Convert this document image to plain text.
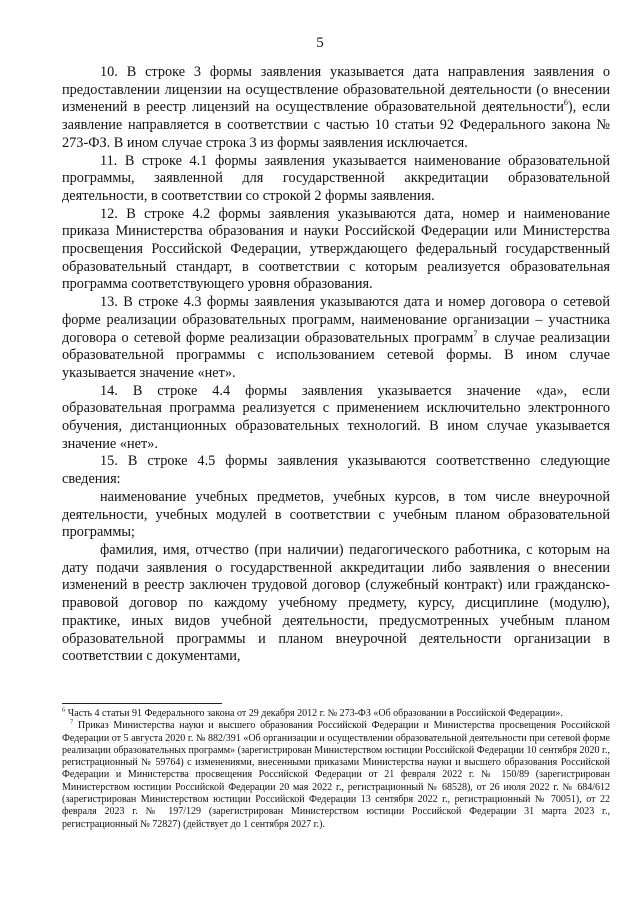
5

10. В строке 3 формы заявления указывается дата направления заявления о предоставлении лицензии на осуществление образовательной деятельности (о внесении изменений в реестр лицензий на осуществление образовательной деятельности$^6$), если заявление направляется в соответствии с частью 10 статьи 92 Федерального закона № 273-ФЗ. В ином случае строка 3 из формы заявления исключается.

11. В строке 4.1 формы заявления указывается наименование образовательной программы, заявленной для государственной аккредитации образовательной деятельности, в соответствии со строкой 2 формы заявления.

12. В строке 4.2 формы заявления указываются дата, номер и наименование приказа Министерства образования и науки Российской Федерации или Министерства просвещения Российской Федерации, утверждающего федеральный государственный образовательный стандарт, в соответствии с которым реализуется образовательная программа соответствующего уровня образования.

13. В строке 4.3 формы заявления указываются дата и номер договора о сетевой форме реализации образовательных программ, наименование организации – участника договора о сетевой форме реализации образовательных программ$^7$ в случае реализации образовательной программы с использованием сетевой формы. В ином случае указывается значение «нет».

14. В строке 4.4 формы заявления указывается значение «да», если образовательная программа реализуется с применением исключительно электронного обучения, дистанционных образовательных технологий. В ином случае указывается значение «нет».

15. В строке 4.5 формы заявления указываются соответственно следующие сведения:

наименование учебных предметов, учебных курсов, в том числе внеурочной деятельности, учебных модулей в соответствии с учебным планом образовательной программы;

фамилия, имя, отчество (при наличии) педагогического работника, с которым на дату подачи заявления о государственной аккредитации либо заявления о внесении изменений в реестр заключен трудовой договор (служебный контракт) или гражданско-правовой договор по каждому учебному предмету, курсу, дисциплине (модулю), практике, иных видов учебной деятельности, предусмотренных учебным планом образовательной программы и планом внеурочной деятельности организации в соответствии с документами,

$^6$ Часть 4 статьи 91 Федерального закона от 29 декабря 2012 г. № 273-ФЗ «Об образовании в Российской Федерации».

$^7$ Приказ Министерства науки и высшего образования Российской Федерации и Министерства просвещения Российской Федерации от 5 августа 2020 г. № 882/391 «Об организации и осуществлении образовательной деятельности при сетевой форме реализации образовательных программ» (зарегистрирован Министерством юстиции Российской Федерации 10 сентября 2020 г., регистрационный № 59764) с изменениями, внесенными приказами Министерства науки и высшего образования Российской Федерации и Министерства просвещения Российской Федерации от 21 февраля 2022 г. № 150/89 (зарегистрирован Министерством юстиции Российской Федерации 20 мая 2022 г., регистрационный № 68528), от 26 июля 2022 г. № 684/612 (зарегистрирован Министерством юстиции Российской Федерации 13 сентября 2022 г., регистрационный № 70051), от 22 февраля 2023 г. № 197/129 (зарегистрирован Министерством юстиции Российской Федерации 31 марта 2023 г., регистрационный № 72827) (действует до 1 сентября 2027 г.).
